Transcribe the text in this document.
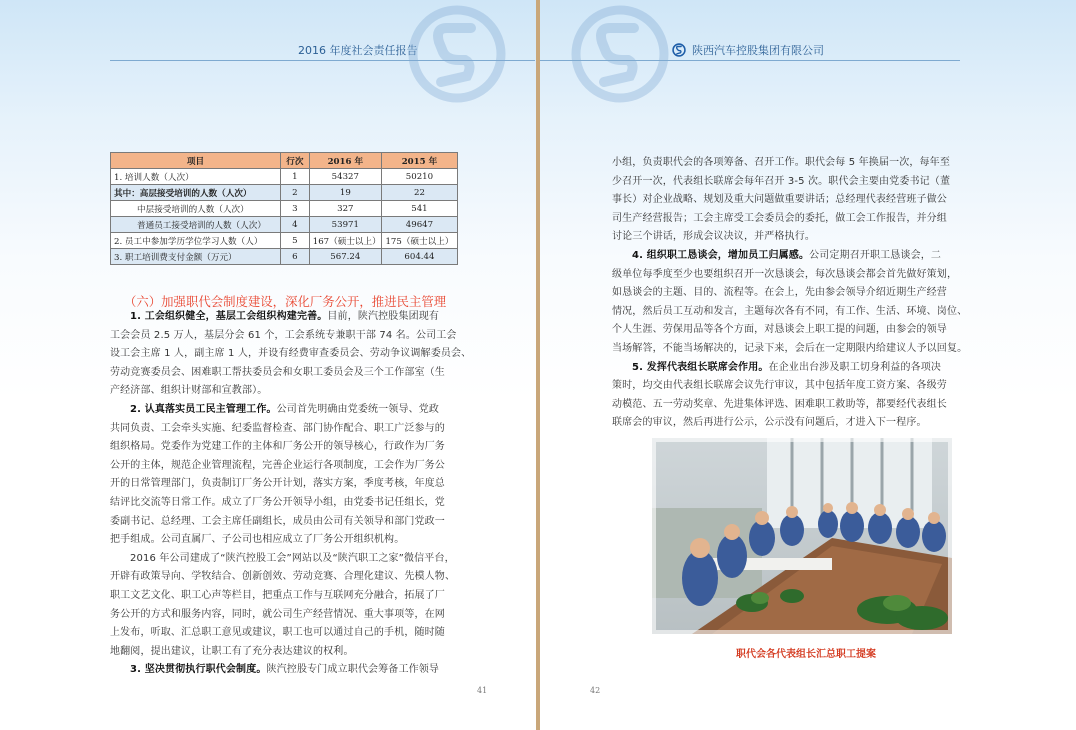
2016 年度社会责任报告
项目	行次	2016 年	2015 年
1. 培训人数（人次）	1	54327	50210
其中：高层接受培训的人数（人次）	2	19	22
中层接受培训的人数（人次）	3	327	541
普通员工接受培训的人数（人次）	4	53971	49647
2. 员工中参加学历学位学习人数（人）	5	167（硕士以上）	175（硕士以上）
3. 职工培训费支付金额（万元）	6	567.24	604.44
（六）加强职代会制度建设，深化厂务公开，推进民主管理

1. 工会组织健全，基层工会组织构建完善。目前，陕汽控股集团现有

工会会员 2.5 万人，基层分会 61 个，工会系统专兼职干部 74 名。公司工会

设工会主席 1 人，副主席 1 人，并设有经费审查委员会、劳动争议调解委员会、

劳动竞赛委员会、困难职工帮扶委员会和女职工委员会及三个工作部室（生

产经济部、组织计财部和宣教部）。

2. 认真落实员工民主管理工作。公司首先明确由党委统一领导、党政

共同负责、工会牵头实施、纪委监督检查、部门协作配合、职工广泛参与的

组织格局。党委作为党建工作的主体和厂务公开的领导核心，行政作为厂务

公开的主体，规范企业管理流程，完善企业运行各项制度，工会作为厂务公

开的日常管理部门，负责制订厂务公开计划，落实方案，季度考核，年度总

结评比交流等日常工作。成立了厂务公开领导小组，由党委书记任组长，党

委副书记、总经理、工会主席任副组长，成员由公司有关领导和部门党政一

把手组成。公司直属厂、子公司也相应成立了厂务公开组织机构。

2016 年公司建成了“陕汽控股工会”网站以及“陕汽职工之家”微信平台，

开辟有政策导向、学牧结合、创新创效、劳动竞赛、合理化建议、先模人物、

职工文艺文化、职工心声等栏目，把重点工作与互联网充分融合，拓展了厂

务公开的方式和服务内容，同时，就公司生产经营情况、重大事项等，在网

上发布，听取、汇总职工意见或建议，职工也可以通过自己的手机，随时随

地翻阅，提出建议，让职工有了充分表达建议的权利。

3. 坚决贯彻执行职代会制度。陕汽控股专门成立职代会筹备工作领导

41
陕西汽车控股集团有限公司

小组，负责职代会的各项筹备、召开工作。职代会每 5 年换届一次，每年至

少召开一次，代表组长联席会每年召开 3-5 次。职代会主要由党委书记（董

事长）对企业战略、规划及重大问题做重要讲话；总经理代表经营班子做公

司生产经营报告；工会主席受工会委员会的委托，做工会工作报告，并分组

讨论三个讲话，形成会议决议，并严格执行。

4. 组织职工恳谈会，增加员工归属感。公司定期召开职工恳谈会，二

级单位每季度至少也要组织召开一次恳谈会，每次恳谈会都会首先做好策划，

如恳谈会的主题、目的、流程等。在会上，先由参会领导介绍近期生产经营

情况，然后员工互动和发言，主题每次各有不同，有工作、生活、环境、岗位、

个人生涯、劳保用品等各个方面，对恳谈会上职工提的问题，由参会的领导

当场解答，不能当场解决的，记录下来，会后在一定期限内给建议人予以回复。

5. 发挥代表组长联席会作用。在企业出台涉及职工切身利益的各项决

策时，均交由代表组长联席会议先行审议，其中包括年度工资方案、各级劳

动模范、五一劳动奖章、先进集体评选、困难职工救助等，都要经代表组长

联席会的审议，然后再进行公示，公示没有问题后，才进入下一程序。

职代会各代表组长汇总职工提案
42
